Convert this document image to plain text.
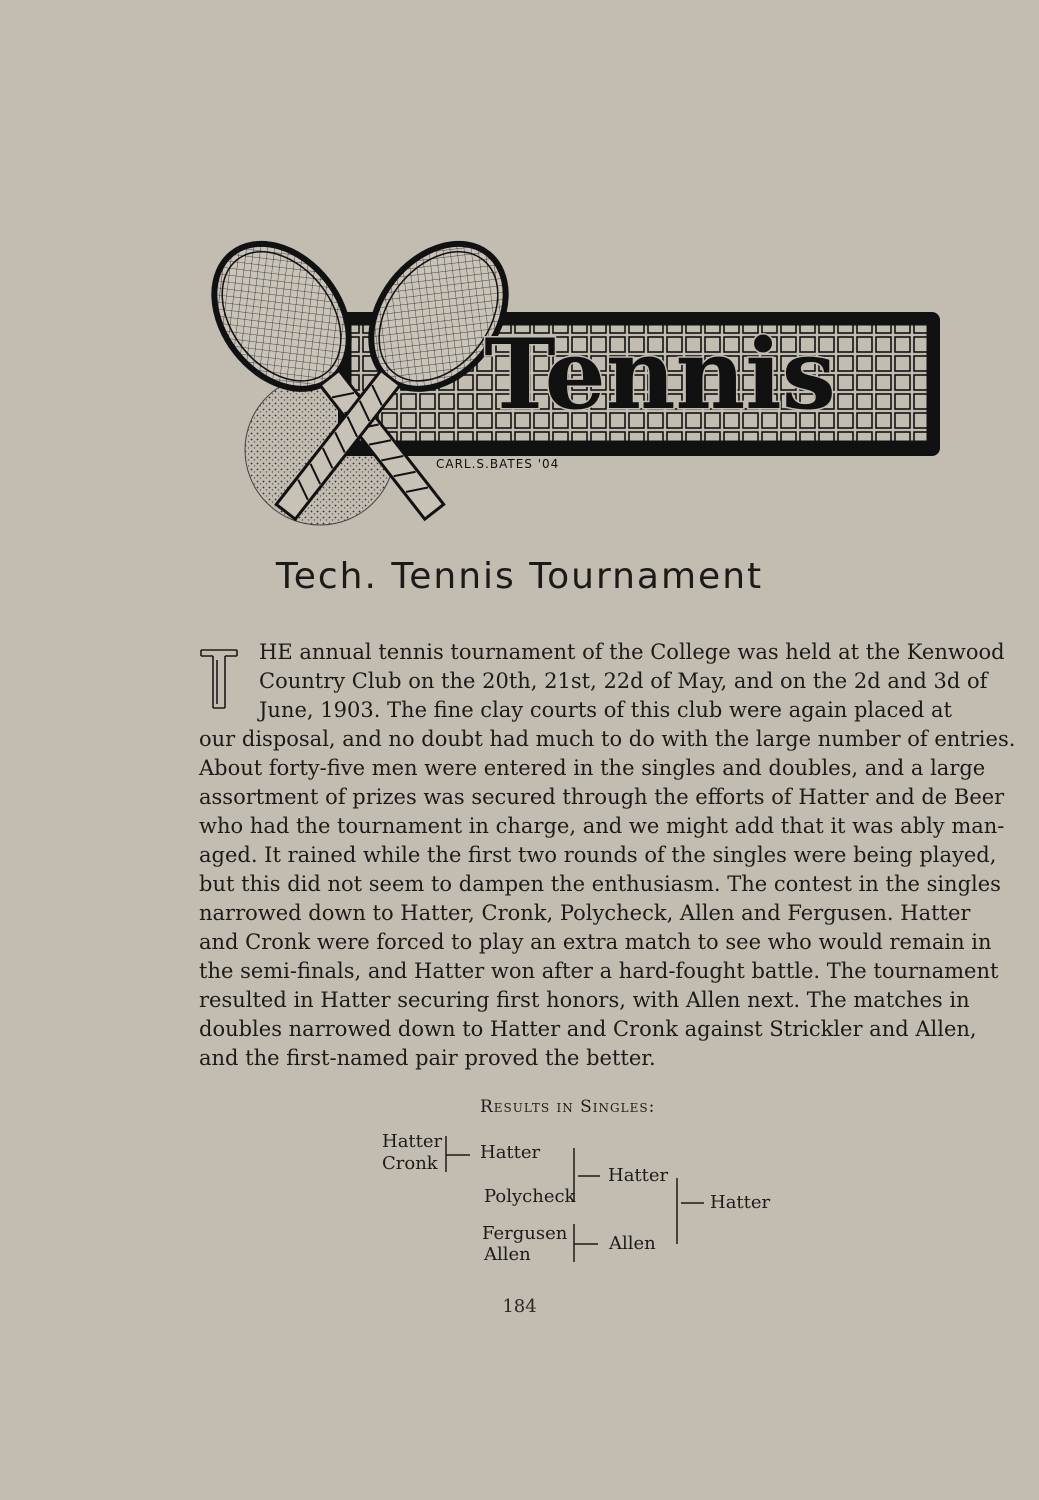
Tennis
CARL.S.BATES '04
Tech. Tennis Tournament
HE annual tennis tournament of the College was held at the Kenwood
Country Club on the 20th, 21st, 22d of May, and on the 2d and 3d of
June, 1903. The fine clay courts of this club were again placed at
our disposal, and no doubt had much to do with the large number of entries.
About forty-five men were entered in the singles and doubles, and a large
assortment of prizes was secured through the efforts of Hatter and de Beer
who had the tournament in charge, and we might add that it was ably man-
aged. It rained while the first two rounds of the singles were being played,
but this did not seem to dampen the enthusiasm. The contest in the singles
narrowed down to Hatter, Cronk, Polycheck, Allen and Fergusen. Hatter
and Cronk were forced to play an extra match to see who would remain in
the semi-finals, and Hatter won after a hard-fought battle. The tournament
resulted in Hatter securing first honors, with Allen next. The matches in
doubles narrowed down to Hatter and Cronk against Strickler and Allen,
and the first-named pair proved the better.
Results in Singles:
Hatter
Cronk
Hatter
Polycheck
Hatter
Fergusen
Allen
Allen
Hatter
184
